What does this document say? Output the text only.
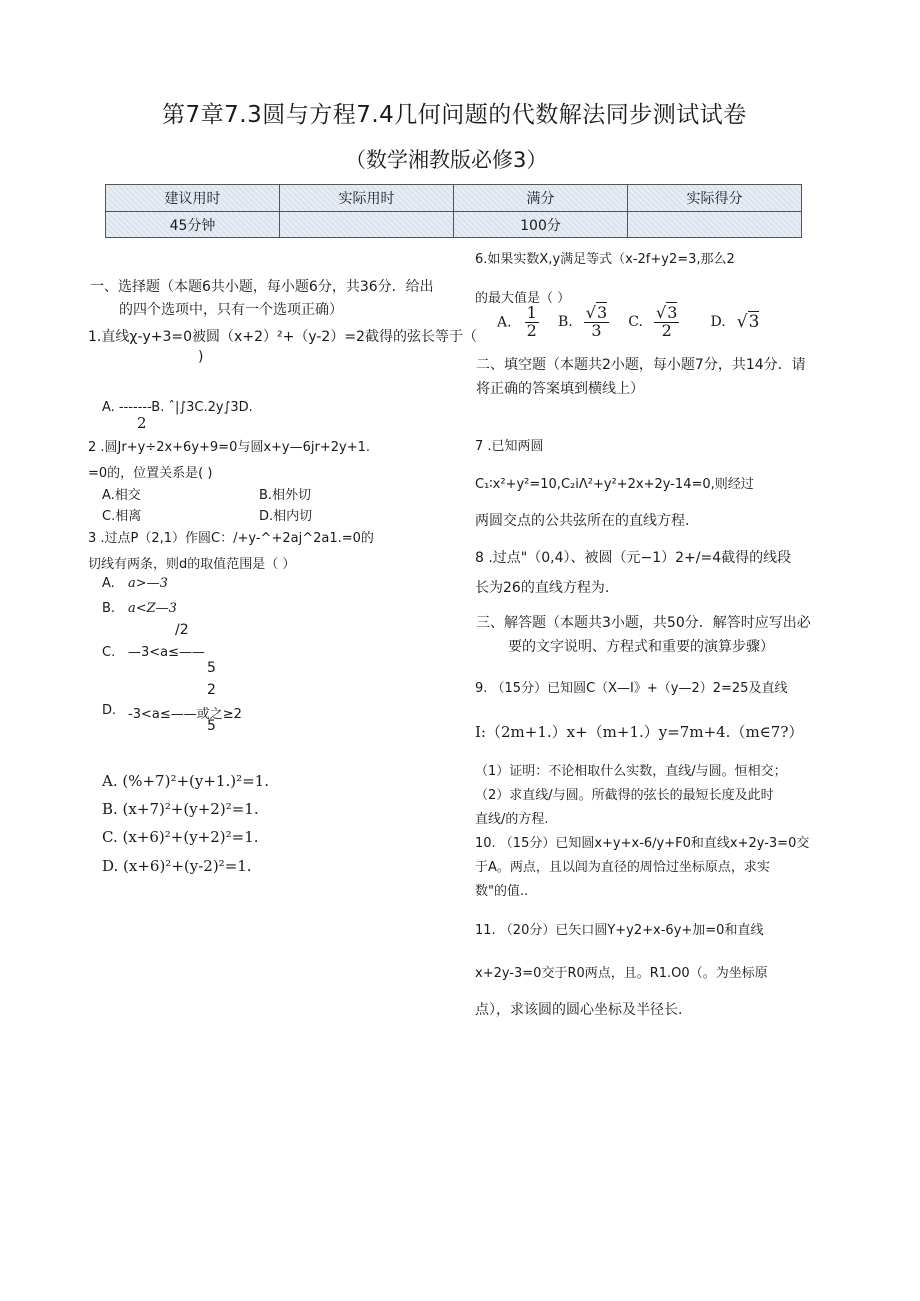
第7章7.3圆与方程7.4几何问题的代数解法同步测试试卷
（数学湘教版必修3）
建议用时	实际用时	满分	实际得分
45分钟		100分	
一、选择题（本题6共小题，每小题6分，共36分．给出
的四个选项中，只有一个选项正确）
1.直线χ-y+3=0被圆（x+2）²+（y-2）=2截得的弦长等于（
)
A. -------B. ˆ|∫3C.2y∫3D.
2
2 .圆Jr+y÷2x+6y+9=0与圆x+y—6jr+2y+1.
=0的，位置关系是( )
A.相交	B.相外切
C.相离	D.相内切
3 .过点P（2,1）作圆C：/+y-^+2aj^2a1.=0的
切线有两条，则d的取值范围是（ ）
A. a>—3
B. a<Z—3
/2
C. —3<a≤——
5
2
D. -3<a≤——或之≥2
5
A. (%+7)²+(y+1.)²=1.
B. (x+7)²+(y+2)²=1.
C. (x+6)²+(y+2)²=1.
D. (x+6)²+(y-2)²=1.
6.如果实数X,y满足等式（x-2f+y2=3,那么2
的最大值是（ ）
A. $\frac{1}{2} B$. $\frac{√3}{3} C$. $\frac{√3}{2} D$. √3
二、填空题（本题共2小题，每小题7分，共14分．请
将正确的答案填到横线上）
7 .已知两圆
C₁∶x²+y²=10,C₂iΛ²+y²+2x+2y-14=0,则经过
两圆交点的公共弦所在的直线方程.
8 .过点"（0,4）、被圆（元−1）2+/=4截得的线段
长为26的直线方程为.
三、解答题（本题共3小题，共50分．解答时应写出必
要的文字说明、方程式和重要的演算步骤）
9. （15分）已知圆C（X—I》+（y—2）2=25及直线
I:（2m+1.）x+（m+1.）y=7m+4.（m∈7?）
（1）证明：不论相取什么实数，直线/与圆。恒相交；
（2）求直线/与圆。所截得的弦长的最短长度及此时
直线/的方程.
10. （15分）已知圆x+y+x-6∕y+F0和直线x+2y-3=0交
于A。两点，且以闾为直径的周恰过坐标原点，求实
数"的值..
11. （20分）已矢口圆Y+y2+x-6y+加=0和直线
x+2y-3=0交于R0两点，且。R1.O0（。为坐标原
点），求该圆的圆心坐标及半径长.
